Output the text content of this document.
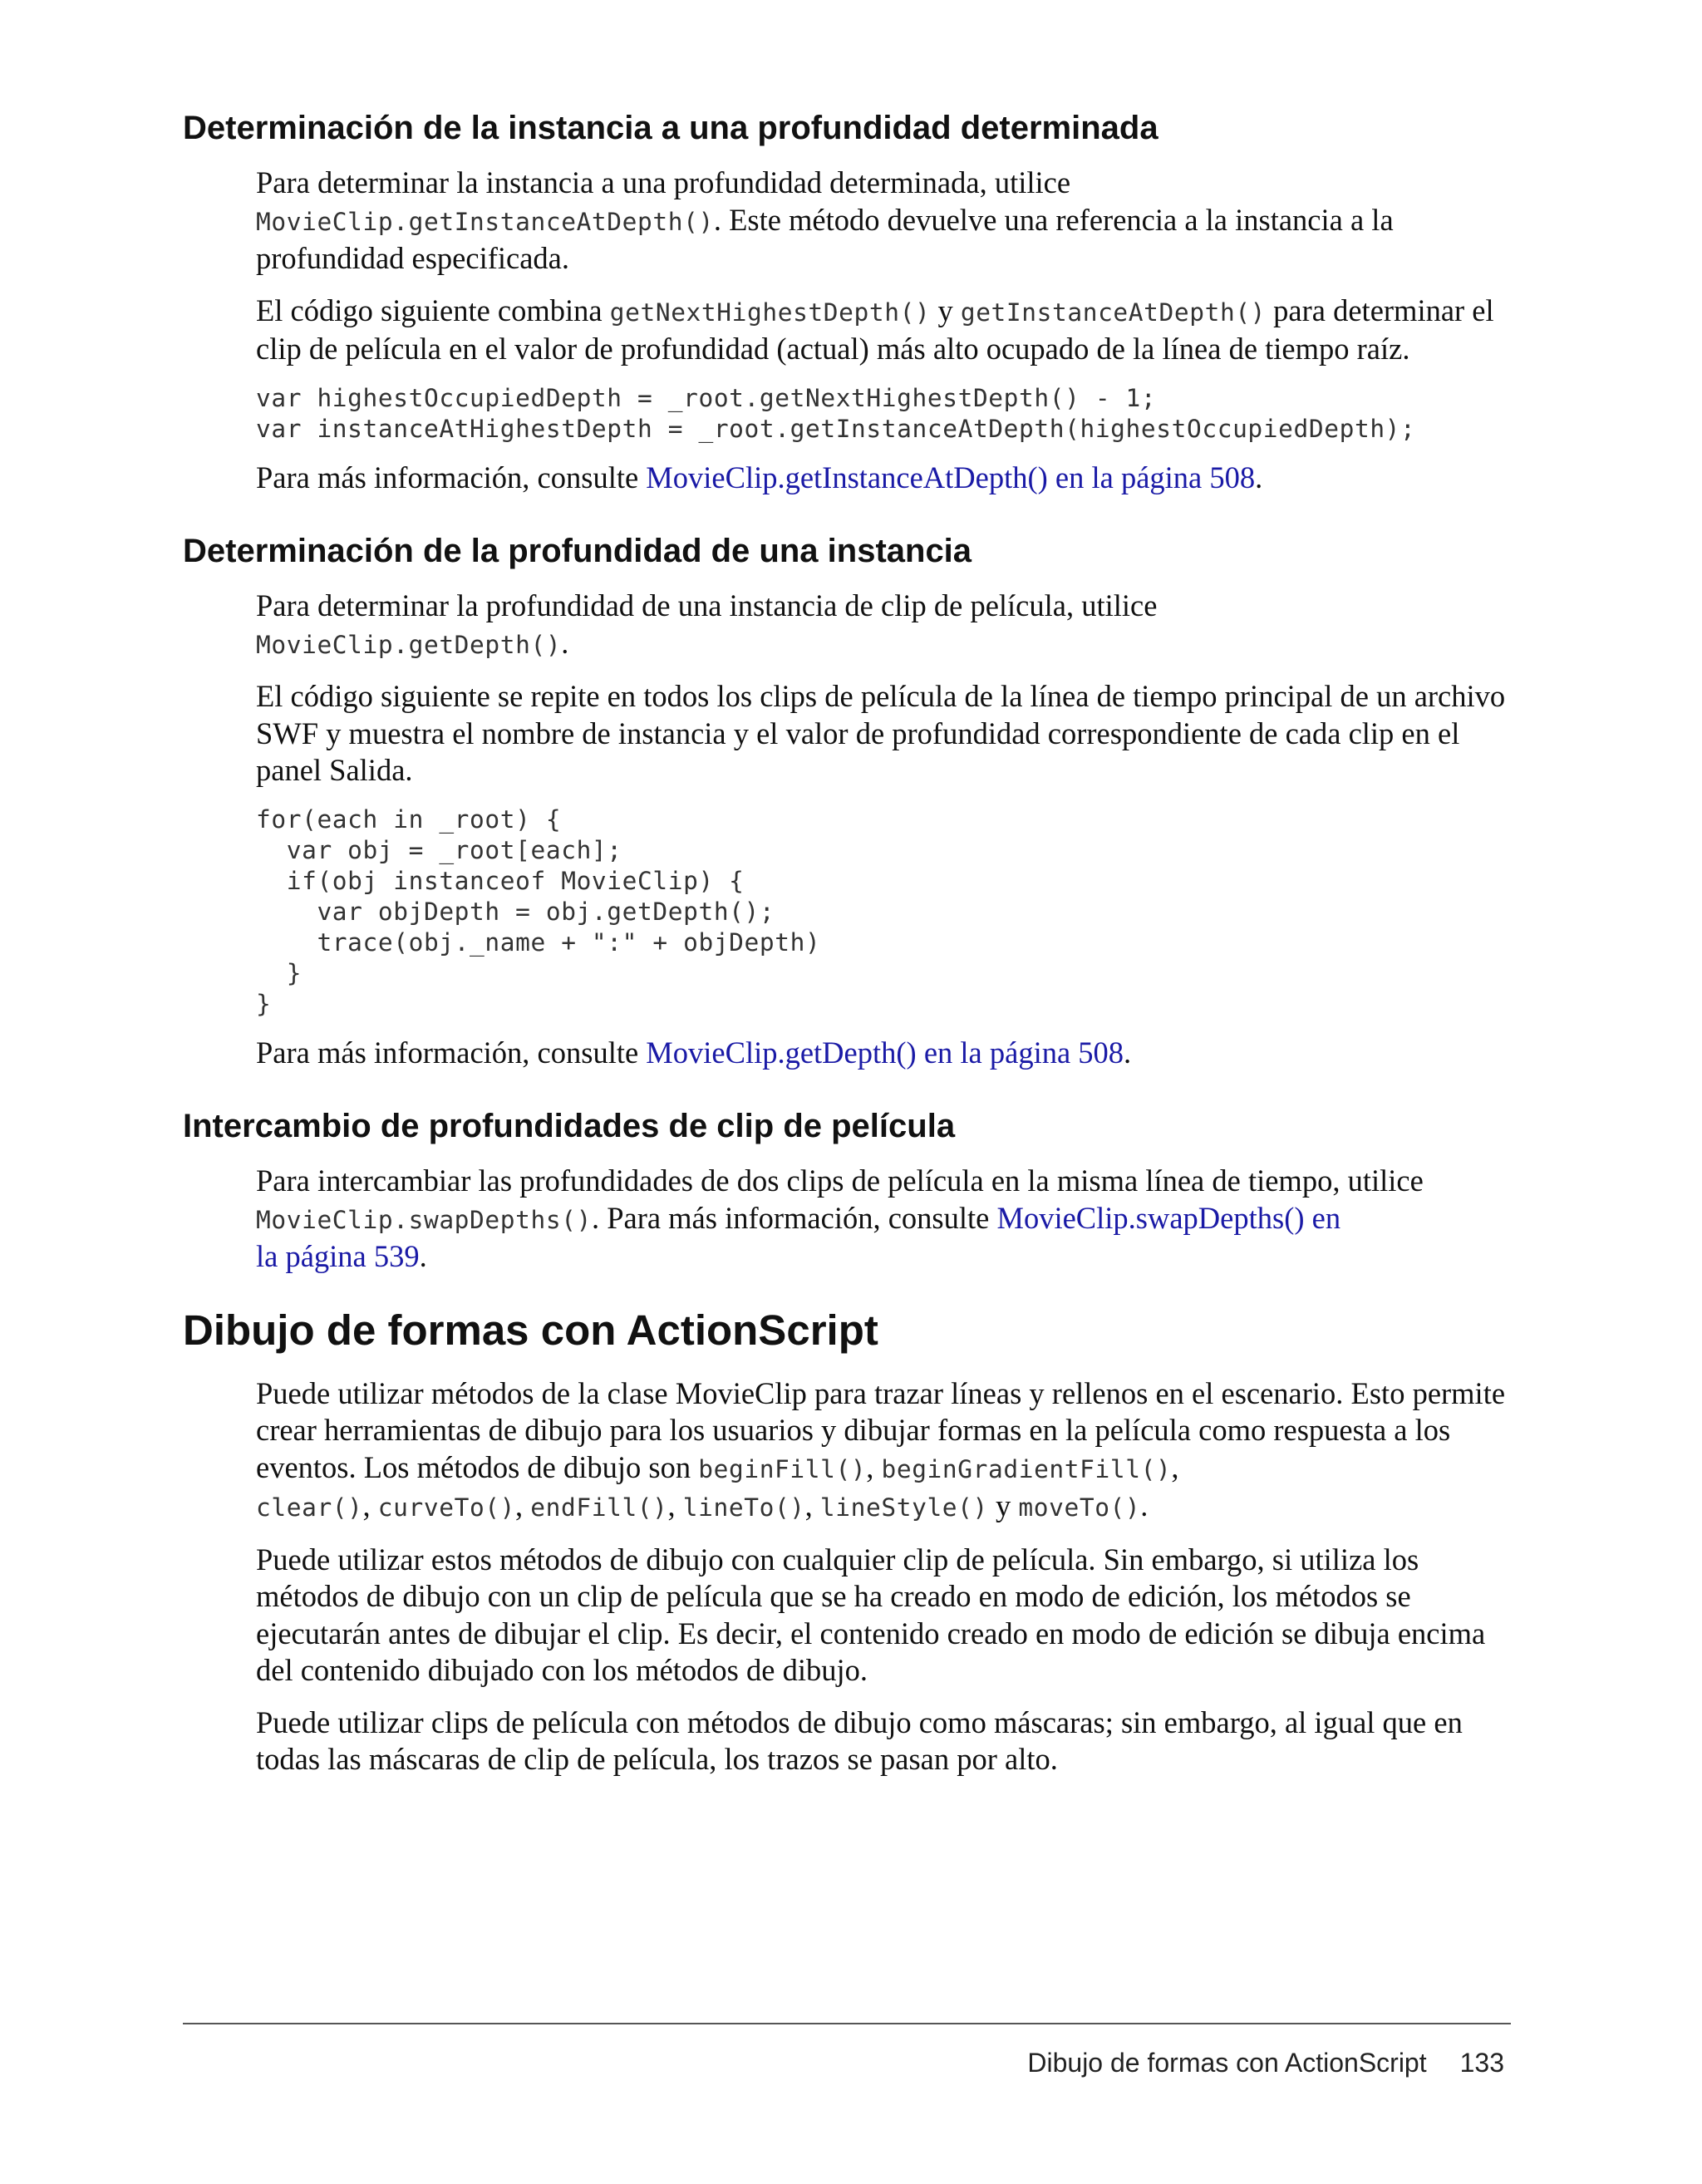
Determinación de la instancia a una profundidad determinada

Para determinar la instancia a una profundidad determinada, utilice
MovieClip.getInstanceAtDepth(). Este método devuelve una referencia a la instancia a la profundidad especificada.

El código siguiente combina getNextHighestDepth() y getInstanceAtDepth() para determinar el clip de película en el valor de profundidad (actual) más alto ocupado de la línea de tiempo raíz.

var highestOccupiedDepth = _root.getNextHighestDepth() - 1;
var instanceAtHighestDepth = _root.getInstanceAtDepth(highestOccupiedDepth);

Para más información, consulte MovieClip.getInstanceAtDepth() en la página 508.

Determinación de la profundidad de una instancia

Para determinar la profundidad de una instancia de clip de película, utilice
MovieClip.getDepth().

El código siguiente se repite en todos los clips de película de la línea de tiempo principal de un archivo SWF y muestra el nombre de instancia y el valor de profundidad correspondiente de cada clip en el panel Salida.

for(each in _root) {
var obj = _root[each];
if(obj instanceof MovieClip) {
var objDepth = obj.getDepth();
trace(obj._name + ":" + objDepth)
}
}

Para más información, consulte MovieClip.getDepth() en la página 508.

Intercambio de profundidades de clip de película

Para intercambiar las profundidades de dos clips de película en la misma línea de tiempo, utilice
MovieClip.swapDepths(). Para más información, consulte MovieClip.swapDepths() en
la página 539.

Dibujo de formas con ActionScript

Puede utilizar métodos de la clase MovieClip para trazar líneas y rellenos en el escenario. Esto permite crear herramientas de dibujo para los usuarios y dibujar formas en la película como respuesta a los eventos. Los métodos de dibujo son beginFill(), beginGradientFill(),
clear(), curveTo(), endFill(), lineTo(), lineStyle() y moveTo().

Puede utilizar estos métodos de dibujo con cualquier clip de película. Sin embargo, si utiliza los métodos de dibujo con un clip de película que se ha creado en modo de edición, los métodos se ejecutarán antes de dibujar el clip. Es decir, el contenido creado en modo de edición se dibuja encima del contenido dibujado con los métodos de dibujo.

Puede utilizar clips de película con métodos de dibujo como máscaras; sin embargo, al igual que en todas las máscaras de clip de película, los trazos se pasan por alto.

Dibujo de formas con ActionScript 133
